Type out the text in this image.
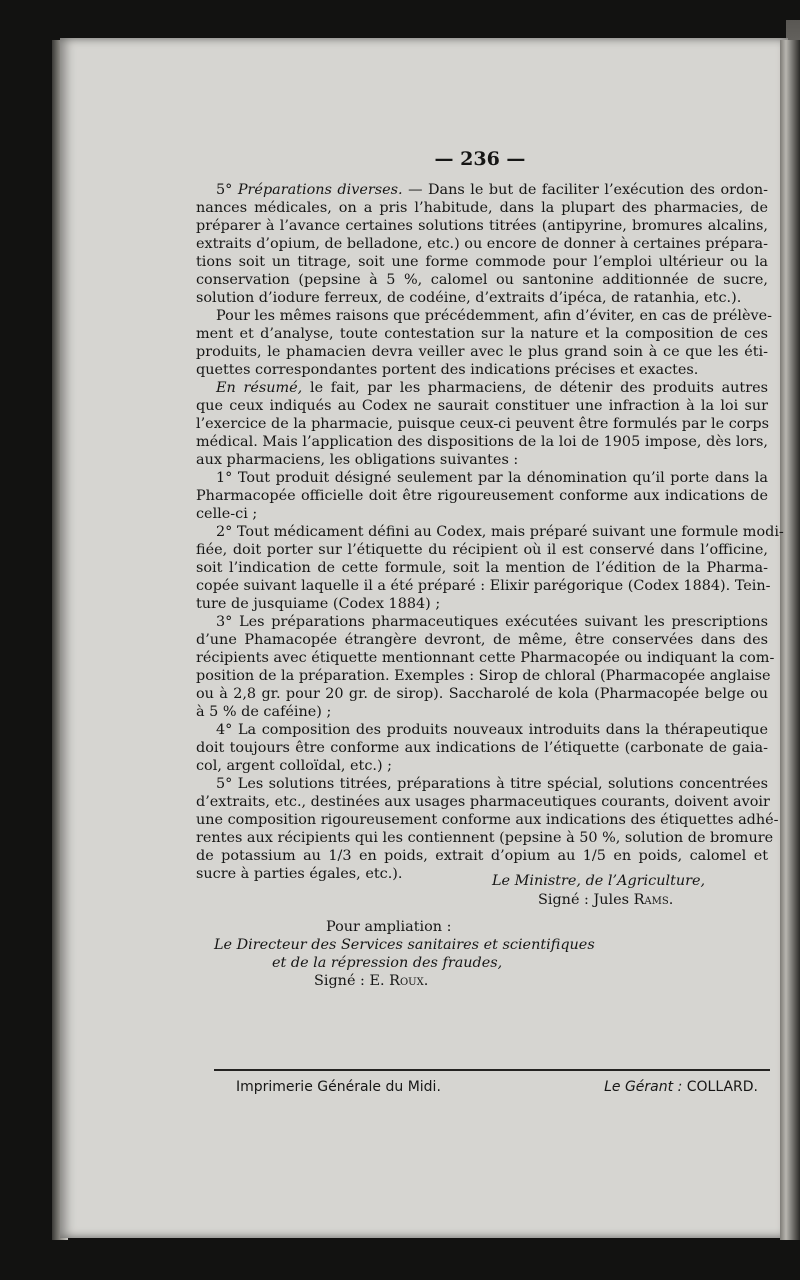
— 236 —
5° Préparations diverses. — Dans le but de faciliter l’exécution des ordon-
nances médicales, on a pris l’habitude, dans la plupart des pharmacies, de
préparer à l’avance certaines solutions titrées (antipyrine, bromures alcalins,
extraits d’opium, de belladone, etc.) ou encore de donner à certaines prépara-
tions soit un titrage, soit une forme commode pour l’emploi ultérieur ou la
conservation (pepsine à 5 %, calomel ou santonine additionnée de sucre,
solution d’iodure ferreux, de codéine, d’extraits d’ipéca, de ratanhia, etc.).
Pour les mêmes raisons que précédemment, afin d’éviter, en cas de prélève-
ment et d’analyse, toute contestation sur la nature et la composition de ces
produits, le phamacien devra veiller avec le plus grand soin à ce que les éti-
quettes correspondantes portent des indications précises et exactes.
En résumé, le fait, par les pharmaciens, de détenir des produits autres
que ceux indiqués au Codex ne saurait constituer une infraction à la loi sur
l’exercice de la pharmacie, puisque ceux-ci peuvent être formulés par le corps
médical. Mais l’application des dispositions de la loi de 1905 impose, dès lors,
aux pharmaciens, les obligations suivantes :
1° Tout produit désigné seulement par la dénomination qu’il porte dans la
Pharmacopée officielle doit être rigoureusement conforme aux indications de
celle-ci ;
2° Tout médicament défini au Codex, mais préparé suivant une formule modi-
fiée, doit porter sur l’étiquette du récipient où il est conservé dans l’officine,
soit l’indication de cette formule, soit la mention de l’édition de la Pharma-
copée suivant laquelle il a été préparé : Elixir parégorique (Codex 1884). Tein-
ture de jusquiame (Codex 1884) ;
3° Les préparations pharmaceutiques exécutées suivant les prescriptions
d’une Phamacopée étrangère devront, de même, être conservées dans des
récipients avec étiquette mentionnant cette Pharmacopée ou indiquant la com-
position de la préparation. Exemples : Sirop de chloral (Pharmacopée anglaise
ou à 2,8 gr. pour 20 gr. de sirop). Saccharolé de kola (Pharmacopée belge ou
à 5 % de caféine) ;
4° La composition des produits nouveaux introduits dans la thérapeutique
doit toujours être conforme aux indications de l’étiquette (carbonate de gaia-
col, argent colloïdal, etc.) ;
5° Les solutions titrées, préparations à titre spécial, solutions concentrées
d’extraits, etc., destinées aux usages pharmaceutiques courants, doivent avoir
une composition rigoureusement conforme aux indications des étiquettes adhé-
rentes aux récipients qui les contiennent (pepsine à 50 %, solution de bromure
de potassium au 1/3 en poids, extrait d’opium au 1/5 en poids, calomel et
sucre à parties égales, etc.).	Le Ministre, de l’Agriculture,
Signé : Jules Rams.
Pour ampliation :
Le Directeur des Services sanitaires et scientifiques
et de la répression des fraudes,
Signé : E. Roux.
Imprimerie Générale du Midi.	Le Gérant : COLLARD.
